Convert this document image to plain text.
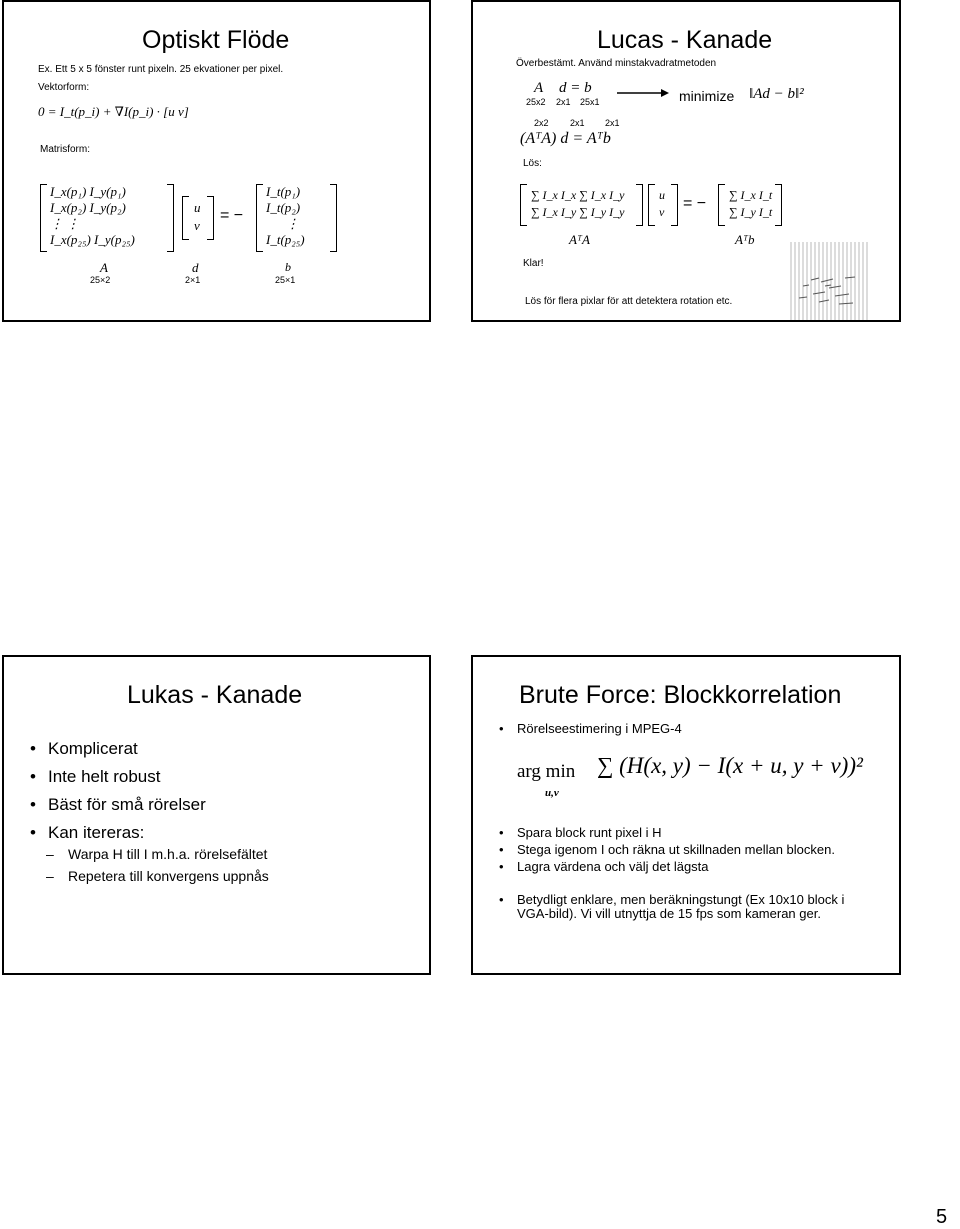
Optiskt Flöde
Ex. Ett 5 x 5 fönster runt pixeln. 25 ekvationer per pixel.
Vektorform:
0 = I_t(p_i) + ∇I(p_i) · [u v]
Matrisform:
I_x(p₁) I_y(p₁)
I_x(p₂) I_y(p₂)
⋮ ⋮
I_x(p₂₅) I_y(p₂₅)
u
v
= −
I_t(p₁)
I_t(p₂)
⋮
I_t(p₂₅)
A
25×2
d
2×1
b
25×1
Lucas - Kanade
Överbestämt. Använd minstakvadratmetoden
A d = b
25x2 2x1 25x1	minimize ‖Ad − b‖²
2x2 2x1 2x1
(AᵀA) d = Aᵀb
Lös:
∑ I_x I_x ∑ I_x I_y
∑ I_x I_y ∑ I_y I_y
u
v = − ∑ I_x I_t
∑ I_y I_t
AᵀA	Aᵀb
Klar!
Lös för flera pixlar för att detektera rotation etc.
Lukas - Kanade
• Komplicerat
• Inte helt robust
• Bäst för små rörelser
• Kan itereras:
– Warpa H till I m.h.a. rörelsefältet
– Repetera till konvergens uppnås
Brute Force: Blockkorrelation
• Rörelseestimering i MPEG-4
arg min
u,v
∑ (H(x, y) − I(x + u, y + v))²
• Spara block runt pixel i H
• Stega igenom I och räkna ut skillnaden mellan blocken.
• Lagra värdena och välj det lägsta
• Betydligt enklare, men beräkningstungt (Ex 10x10 block i
VGA-bild). Vi vill utnyttja de 15 fps som kameran ger.
5
